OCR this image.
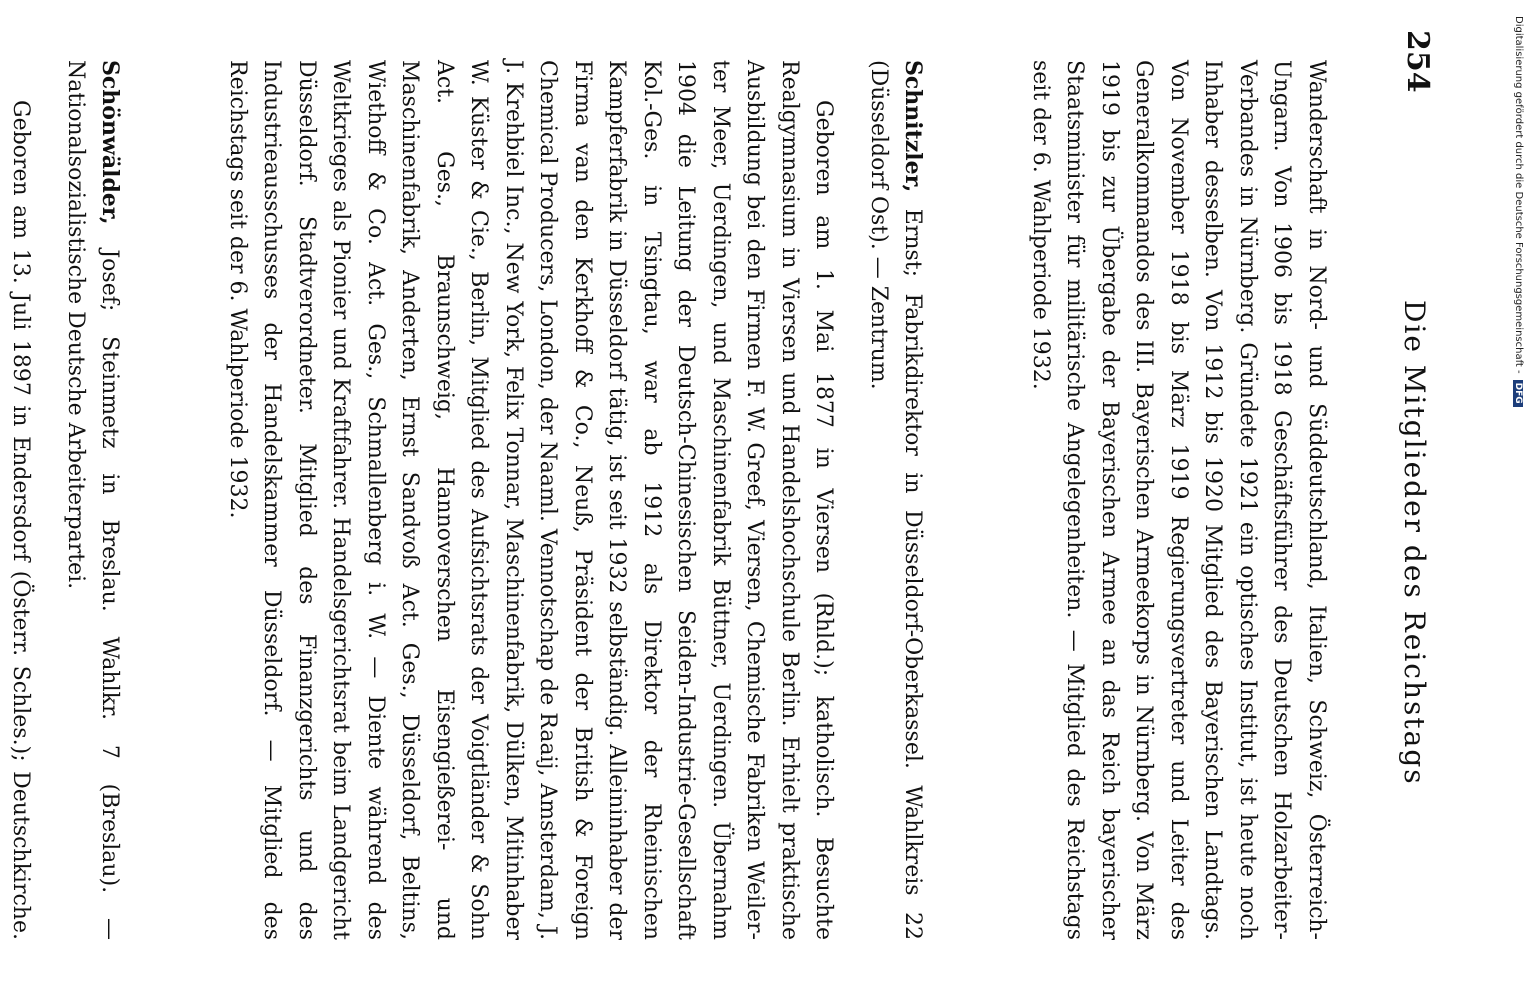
254
Die Mitglieder des Reichstags

Wanderschaft in Nord- und Süddeutschland, Italien, Schweiz, Österreich-Ungarn. Von 1906 bis 1918 Geschäftsführer des Deutschen Holzarbeiter-Verbandes in Nürnberg. Gründete 1921 ein optisches Institut, ist heute noch Inhaber desselben. Von 1912 bis 1920 Mitglied des Bayerischen Landtags. Von November 1918 bis März 1919 Regierungsvertreter und Leiter des Generalkommandos des III. Bayerischen Armeekorps in Nürnberg. Von März 1919 bis zur Übergabe der Bayerischen Armee an das Reich bayerischer Staatsminister für militärische Angelegenheiten. — Mitglied des Reichstags seit der 6. Wahlperiode 1932.

Schnitzler, Ernst; Fabrikdirektor in Düsseldorf-Oberkassel. Wahlkreis 22 (Düsseldorf Ost). — Zentrum.

Geboren am 1. Mai 1877 in Viersen (Rhld.); katholisch. Besuchte Realgymnasium in Viersen und Handelshochschule Berlin. Erhielt praktische Ausbildung bei den Firmen F. W. Greef, Viersen, Chemische Fabriken Weiler-ter Meer, Uerdingen, und Maschinenfabrik Büttner, Uerdingen. Übernahm 1904 die Leitung der Deutsch-Chinesischen Seiden-Industrie-Gesellschaft Kol.-Ges. in Tsingtau, war ab 1912 als Direktor der Rheinischen Kampferfabrik in Düsseldorf tätig, ist seit 1932 selbständig. Alleininhaber der Firma van den Kerkhoff & Co., Neuß, Präsident der British & Foreign Chemical Producers, London, der Naaml. Vennotschap de Raaij, Amsterdam, J. J. Krehbiel Inc., New York, Felix Tonnar, Maschinenfabrik, Dülken, Mitinhaber W. Küster & Cie., Berlin, Mitglied des Aufsichtsrats der Voigtländer & Sohn Act. Ges., Braunschweig, Hannoverschen Eisengießerei- und Maschinenfabrik, Anderten, Ernst Sandvoß Act. Ges., Düsseldorf, Beltins, Wiethoff & Co. Act. Ges., Schmallenberg i. W. — Diente während des Weltkrieges als Pionier und Kraftfahrer. Handelsgerichtsrat beim Landgericht Düsseldorf. Stadtverordneter. Mitglied des Finanzgerichts und des Industrieausschusses der Handelskammer Düsseldorf. — Mitglied des Reichstags seit der 6. Wahlperiode 1932.

Schönwälder, Josef; Steinmetz in Breslau. Wahlkr. 7 (Breslau). — Nationalsozialistische Deutsche Arbeiterpartei.

Geboren am 13. Juli 1897 in Endersdorf (Österr. Schles.); Deutschkirche.

Digitalisierung gefördert durch die Deutsche Forschungsgemeinschaft -DFG
